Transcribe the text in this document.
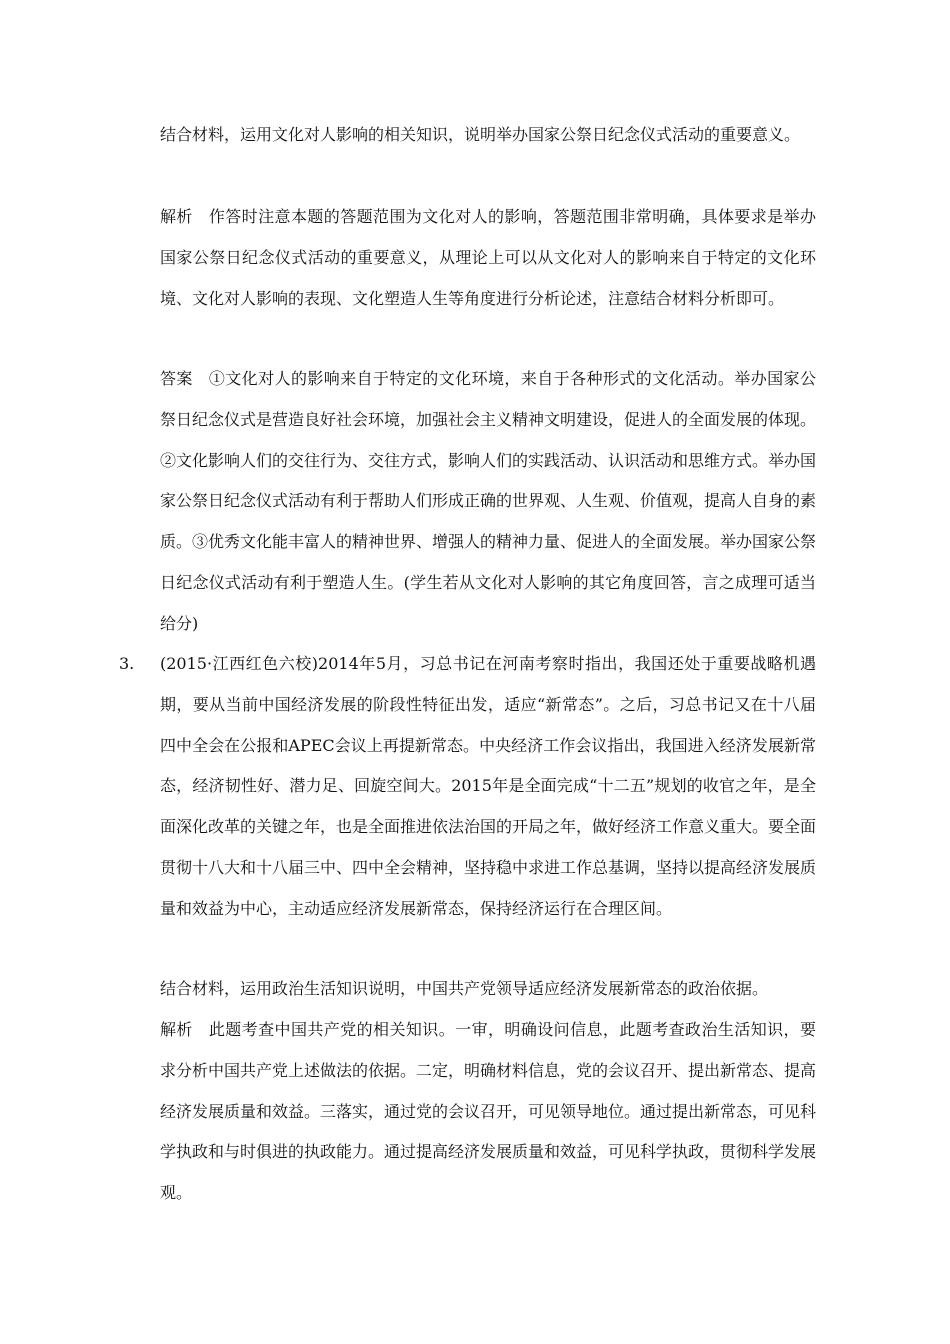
结合材料，运用文化对人影响的相关知识，说明举办国家公祭日纪念仪式活动的重要意义。

解析 作答时注意本题的答题范围为文化对人的影响，答题范围非常明确，具体要求是举办国家公祭日纪念仪式活动的重要意义，从理论上可以从文化对人的影响来自于特定的文化环境、文化对人影响的表现、文化塑造人生等角度进行分析论述，注意结合材料分析即可。

答案 ①文化对人的影响来自于特定的文化环境，来自于各种形式的文化活动。举办国家公祭日纪念仪式是营造良好社会环境，加强社会主义精神文明建设，促进人的全面发展的体现。②文化影响人们的交往行为、交往方式，影响人们的实践活动、认识活动和思维方式。举办国家公祭日纪念仪式活动有利于帮助人们形成正确的世界观、人生观、价值观，提高人自身的素质。③优秀文化能丰富人的精神世界、增强人的精神力量、促进人的全面发展。举办国家公祭日纪念仪式活动有利于塑造人生。(学生若从文化对人影响的其它角度回答，言之成理可适当给分)

3. (2015·江西红色六校)2014年5月，习总书记在河南考察时指出，我国还处于重要战略机遇期，要从当前中国经济发展的阶段性特征出发，适应“新常态”。之后，习总书记又在十八届四中全会在公报和APEC会议上再提新常态。中央经济工作会议指出，我国进入经济发展新常态，经济韧性好、潜力足、回旋空间大。2015年是全面完成“十二五”规划的收官之年，是全面深化改革的关键之年，也是全面推进依法治国的开局之年，做好经济工作意义重大。要全面贯彻十八大和十八届三中、四中全会精神，坚持稳中求进工作总基调，坚持以提高经济发展质量和效益为中心，主动适应经济发展新常态，保持经济运行在合理区间。

结合材料，运用政治生活知识说明，中国共产党领导适应经济发展新常态的政治依据。

解析 此题考查中国共产党的相关知识。一审，明确设问信息，此题考查政治生活知识，要求分析中国共产党上述做法的依据。二定，明确材料信息，党的会议召开、提出新常态、提高经济发展质量和效益。三落实，通过党的会议召开，可见领导地位。通过提出新常态，可见科学执政和与时俱进的执政能力。通过提高经济发展质量和效益，可见科学执政，贯彻科学发展观。
